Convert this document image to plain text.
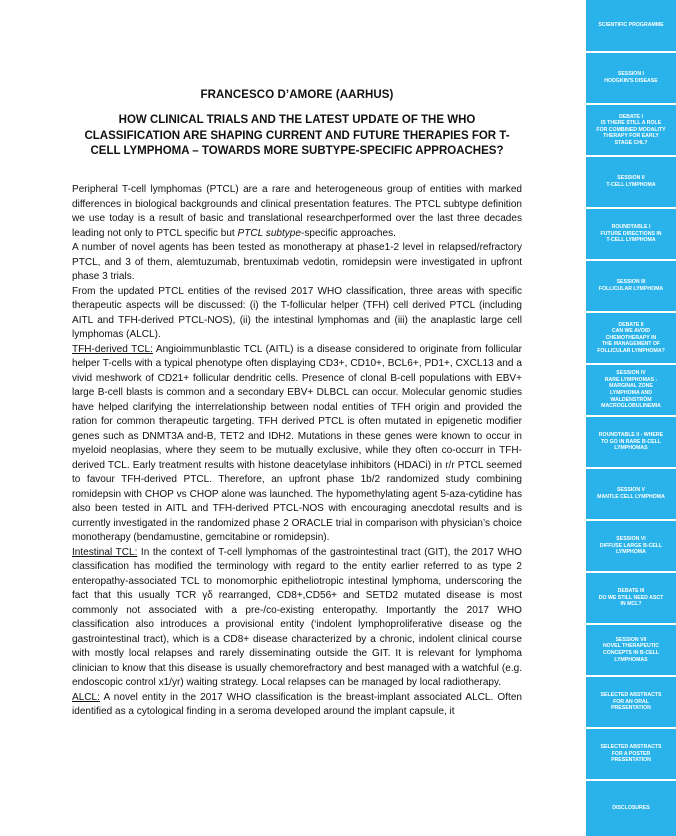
FRANCESCO D’AMORE (AARHUS)
HOW CLINICAL TRIALS AND THE LATEST UPDATE OF THE WHO CLASSIFICATION ARE SHAPING CURRENT AND FUTURE THERAPIES FOR T-CELL LYMPHOMA – TOWARDS MORE SUBTYPE-SPECIFIC APPROACHES?

Peripheral T-cell lymphomas (PTCL) are a rare and heterogeneous group of entities with marked differences in biological backgrounds and clinical presentation features. The PTCL subtype definition we use today is a result of basic and translational researchperformed over the last three decades leading not only to PTCL specific but PTCL subtype-specific approaches.

A number of novel agents has been tested as monotherapy at phase1-2 level in relapsed/refractory PTCL, and 3 of them, alemtuzumab, brentuximab vedotin, romidepsin were investigated in upfront phase 3 trials.

From the updated PTCL entities of the revised 2017 WHO classification, three areas with specific therapeutic aspects will be discussed: (i) the T-follicular helper (TFH) cell derived PTCL (including AITL and TFH-derived PTCL-NOS), (ii) the intestinal lymphomas and (iii) the anaplastic large cell lymphomas (ALCL).

TFH-derived TCL: Angioimmunblastic TCL (AITL) is a disease considered to originate from follicular helper T-cells with a typical phenotype often displaying CD3+, CD10+, BCL6+, PD1+, CXCL13 and a vivid meshwork of CD21+ follicular dendritic cells. Presence of clonal B-cell populations with EBV+ large B-cell blasts is common and a secondary EBV+ DLBCL can occur. Molecular genomic studies have helped clarifying the interrelationship between nodal entities of TFH origin and provided the ration for common therapeutic targeting. TFH derived PTCL is often mutated in epigenetic modifier genes such as DNMT3A and-B, TET2 and IDH2. Mutations in these genes were known to occur in myeloid neoplasias, where they seem to be mutually exclusive, while they often co-occurr in TFH-derived TCL. Early treatment results with histone deacetylase inhibitors (HDACi) in r/r PTCL seemed to favour TFH-derived PTCL. Therefore, an upfront phase 1b/2 randomized study combining romidepsin with CHOP vs CHOP alone was launched. The hypomethylating agent 5-aza-cytidine has also been tested in AITL and TFH-derived PTCL-NOS with encouraging anecdotal results and is currently investigated in the randomized phase 2 ORACLE trial in comparison with physician’s choice monotherapy (bendamustine, gemcitabine or romidepsin).

Intestinal TCL: In the context of T-cell lymphomas of the gastrointestinal tract (GIT), the 2017 WHO classification has modified the terminology with regard to the entity earlier referred to as type 2 enteropathy-associated TCL to monomorphic epitheliotropic intestinal lymphoma, underscoring the fact that this usually TCR γδ rearranged, CD8+,CD56+ and SETD2 mutated disease is most commonly not associated with a pre-/co-existing enteropathy. Importantly the 2017 WHO classification also introduces a provisional entity (‘indolent lymphoproliferative disease og the gastrointestinal tract), which is a CD8+ disease characterized by a chronic, indolent clinical course with mostly local relapses and rarely disseminating outside the GIT. It is relevant for lymphoma clinician to know that this disease is usually chemorefractory and best managed with a watchful (e.g. endoscopic control x1/yr) waiting strategy. Local relapses can be managed by local radiotherapy.

ALCL: A novel entity in the 2017 WHO classification is the breast-implant associated ALCL. Often identified as a cytological finding in a seroma developed around the implant capsule, it

SCIENTIFIC PROGRAMME
SESSION I
HODGKIN'S DISEASE
DEBATE I
IS THERE STILL A ROLE
FOR COMBINED MODALITY
THERAPY FOR EARLY
STAGE CHL?
SESSION II
T-CELL LYMPHOMA
ROUNDTABLE I
FUTURE DIRECTIONS IN
T-CELL LYMPHOMA
SESSION III
FOLLICULAR LYMPHOMA
DEBATE II
CAN WE AVOID
CHEMOTHERAPY IN
THE MANAGEMENT OF
FOLLICULAR LYMPHOMA?
SESSION IV
RARE LYMPHOMAS -
MARGINAL ZONE
LYMPHOMA AND
WALDENSTRÖM
MACROGLOBULINEMIA
ROUNDTABLE II - WHERE
TO GO IN RARE B-CELL
LYMPHOMAS
SESSION V
MANTLE CELL LYMPHOMA
SESSION VI
DIFFUSE LARGE B-CELL
LYMPHOMA
DEBATE III
DO WE STILL NEED ASCT
IN MCL?
SESSION VII
NOVEL THERAPEUTIC
CONCEPTS IN B-CELL
LYMPHOMAS
SELECTED ABSTRACTS
FOR AN ORAL
PRESENTATION
SELECTED ABSTRACTS
FOR A POSTER
PRESENTATION
DISCLOSURES
